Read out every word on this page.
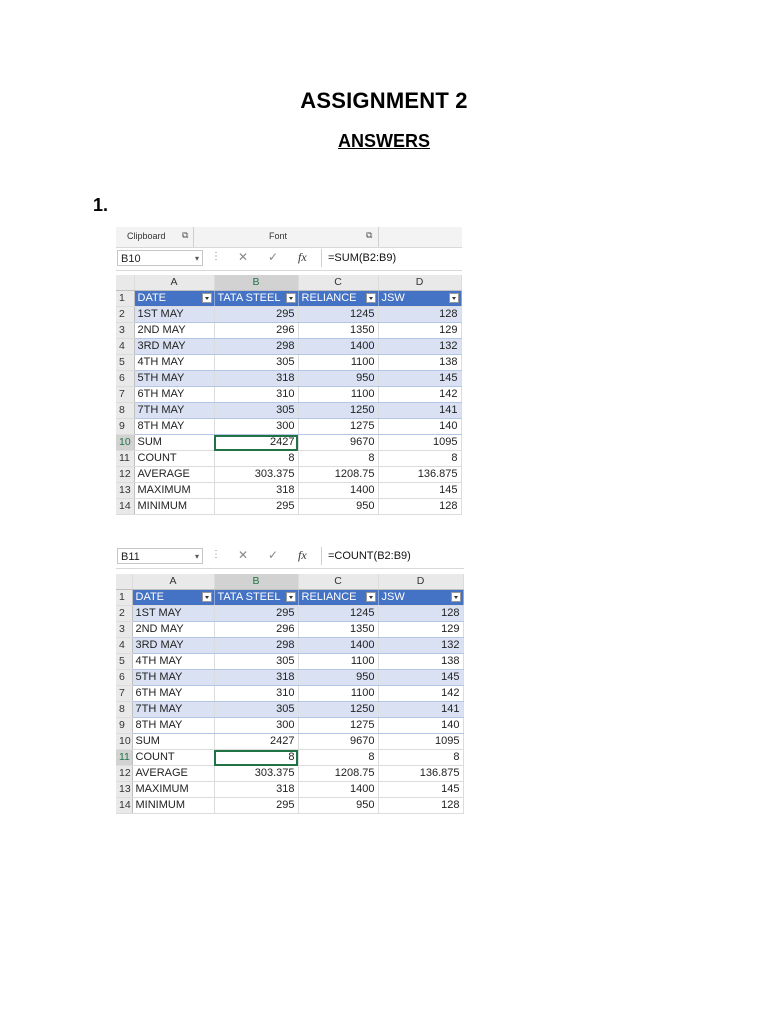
ASSIGNMENT 2
ANSWERS
1.
Clipboard ⧉	Font	⧉
B10	▾ ⋮ ✕ ✓ fx	=SUM(B2:B9)
	A	B	C	D
1	DATE	TATA STEEL	RELIANCE	JSW

2	1ST MAY	295	1245	128
3	2ND MAY	296	1350	129
4	3RD MAY	298	1400	132
5	4TH MAY	305	1100	138
6	5TH MAY	318	950	145
7	6TH MAY	310	1100	142
8	7TH MAY	305	1250	141
9	8TH MAY	300	1275	140
10	SUM	2427	9670	1095
11	COUNT	8	8	8
12	AVERAGE	303.375	1208.75	136.875
13	MAXIMUM	318	1400	145
14	MINIMUM	295	950	128
B11	▾ ⋮ ✕ ✓ fx	=COUNT(B2:B9)
	A	B	C	D
1	DATE	TATA STEEL	RELIANCE	JSW

2	1ST MAY	295	1245	128
3	2ND MAY	296	1350	129
4	3RD MAY	298	1400	132
5	4TH MAY	305	1100	138
6	5TH MAY	318	950	145
7	6TH MAY	310	1100	142
8	7TH MAY	305	1250	141
9	8TH MAY	300	1275	140
10	SUM	2427	9670	1095
11	COUNT	8	8	8
12	AVERAGE	303.375	1208.75	136.875
13	MAXIMUM	318	1400	145
14	MINIMUM	295	950	128
